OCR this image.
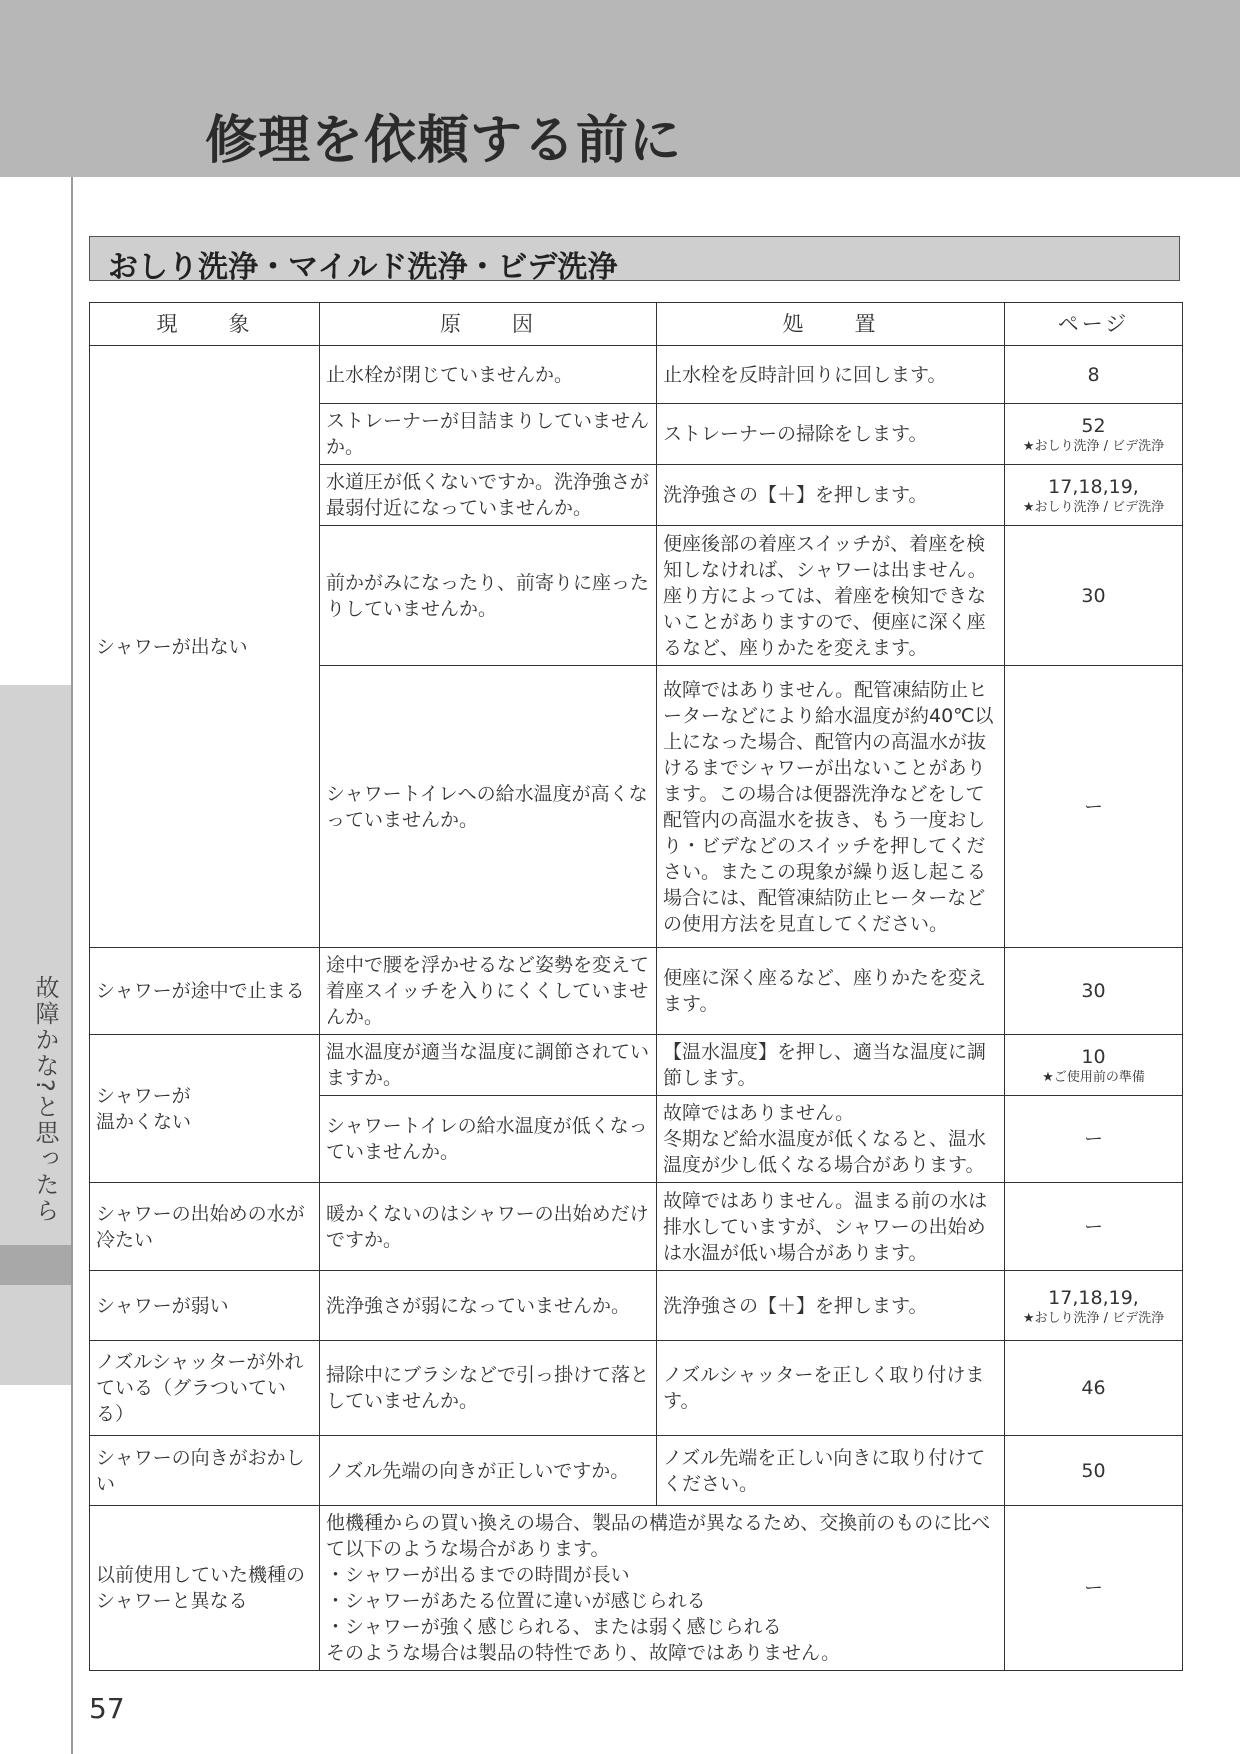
修理を依頼する前に
故障かな?と思ったら
おしり洗浄・マイルド洗浄・ビデ洗浄
現　　象	原　　因	処　　置	ページ
シャワーが出ない	止水栓が閉じていませんか。	止水栓を反時計回りに回します。	8

	ストレーナーが目詰まりしていませんか。	ストレーナーの掃除をします。	52
★おしり洗浄 / ビデ洗浄

	水道圧が低くないですか。洗浄強さが最弱付近になっていませんか。	洗浄強さの【＋】を押します。	17,18,19,
★おしり洗浄 / ビデ洗浄

	前かがみになったり、前寄りに座ったりしていませんか。	便座後部の着座スイッチが、着座を検知しなければ、シャワーは出ません。座り方によっては、着座を検知できないことがありますので、便座に深く座るなど、座りかたを変えます。	30

	シャワートイレへの給水温度が高くなっていませんか。	故障ではありません。配管凍結防止ヒーターなどにより給水温度が約40℃以上になった場合、配管内の高温水が抜けるまでシャワーが出ないことがあります。この場合は便器洗浄などをして配管内の高温水を抜き、もう一度おしり・ビデなどのスイッチを押してください。またこの現象が繰り返し起こる場合には、配管凍結防止ヒーターなどの使用方法を見直してください。	ー

シャワーが途中で止まる	途中で腰を浮かせるなど姿勢を変えて着座スイッチを入りにくくしていませんか。	便座に深く座るなど、座りかたを変えます。	30

シャワーが
温かくない	温水温度が適当な温度に調節されていますか。	【温水温度】を押し、適当な温度に調節します。	10
★ご使用前の準備

	シャワートイレの給水温度が低くなっていませんか。	故障ではありません。
冬期など給水温度が低くなると、温水温度が少し低くなる場合があります。	ー

シャワーの出始めの水が冷たい	暖かくないのはシャワーの出始めだけですか。	故障ではありません。温まる前の水は排水していますが、シャワーの出始めは水温が低い場合があります。	ー

シャワーが弱い	洗浄強さが弱になっていませんか。	洗浄強さの【＋】を押します。	17,18,19,
★おしり洗浄 / ビデ洗浄

ノズルシャッターが外れている（グラついている）	掃除中にブラシなどで引っ掛けて落としていませんか。	ノズルシャッターを正しく取り付けます。	46

シャワーの向きがおかしい	ノズル先端の向きが正しいですか。	ノズル先端を正しい向きに取り付けてください。	50

以前使用していた機種のシャワーと異なる	他機種からの買い換えの場合、製品の構造が異なるため、交換前のものに比べて以下のような場合があります。
・シャワーが出るまでの時間が長い
・シャワーがあたる位置に違いが感じられる
・シャワーが強く感じられる、または弱く感じられる
そのような場合は製品の特性であり、故障ではありません。		ー
57
